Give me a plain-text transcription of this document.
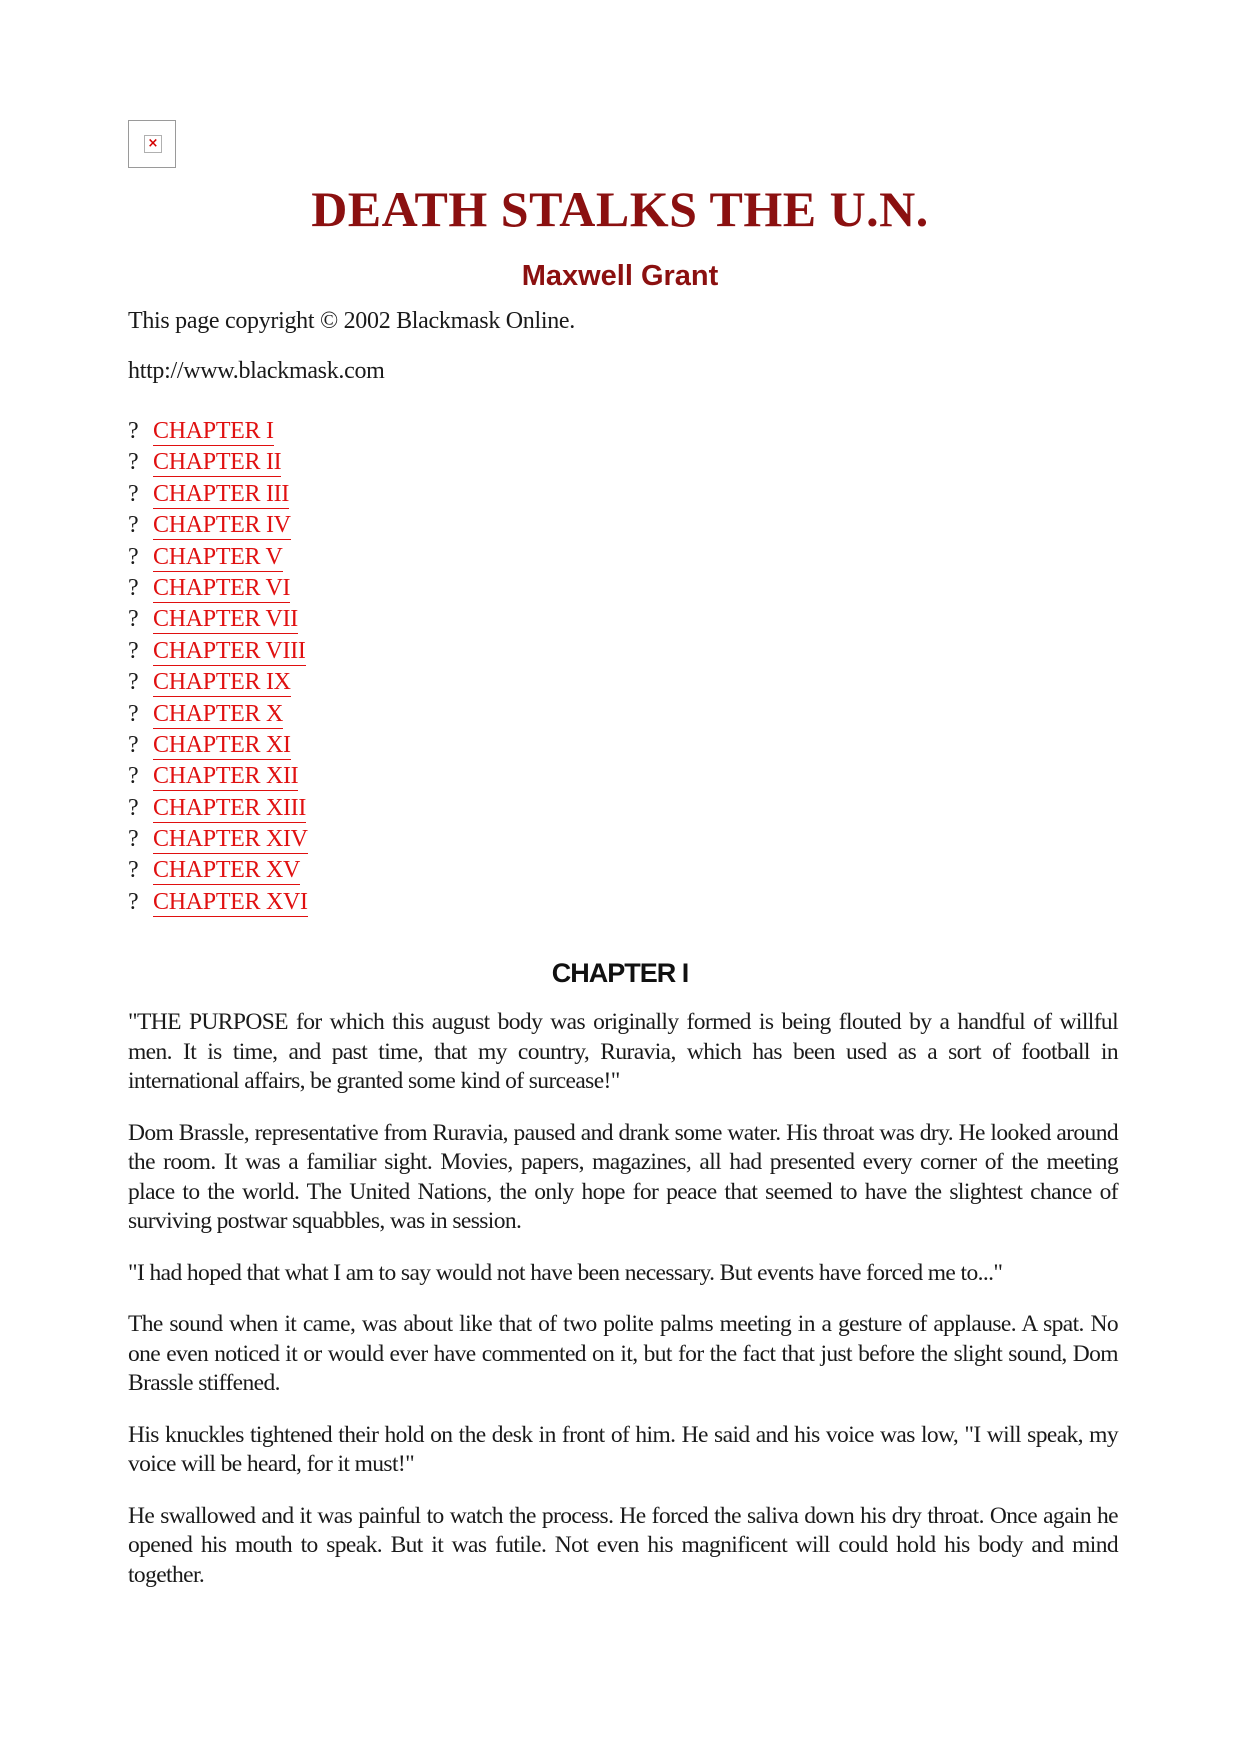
×
DEATH STALKS THE U.N.
Maxwell Grant

This page copyright © 2002 Blackmask Online.

http://www.blackmask.com

? CHAPTER I
? CHAPTER II
? CHAPTER III
? CHAPTER IV
? CHAPTER V
? CHAPTER VI
? CHAPTER VII
? CHAPTER VIII
? CHAPTER IX
? CHAPTER X
? CHAPTER XI
? CHAPTER XII
? CHAPTER XIII
? CHAPTER XIV
? CHAPTER XV
? CHAPTER XVI
CHAPTER I

"THE PURPOSE for which this august body was originally formed is being flouted by a handful of willful men. It is time, and past time, that my country, Ruravia, which has been used as a sort of football in international affairs, be granted some kind of surcease!"

Dom Brassle, representative from Ruravia, paused and drank some water. His throat was dry. He looked around the room. It was a familiar sight. Movies, papers, magazines, all had presented every corner of the meeting place to the world. The United Nations, the only hope for peace that seemed to have the slightest chance of surviving postwar squabbles, was in session.

"I had hoped that what I am to say would not have been necessary. But events have forced me to..."

The sound when it came, was about like that of two polite palms meeting in a gesture of applause. A spat. No one even noticed it or would ever have commented on it, but for the fact that just before the slight sound, Dom Brassle stiffened.

His knuckles tightened their hold on the desk in front of him. He said and his voice was low, "I will speak, my voice will be heard, for it must!"

He swallowed and it was painful to watch the process. He forced the saliva down his dry throat. Once again he opened his mouth to speak. But it was futile. Not even his magnificent will could hold his body and mind together.
